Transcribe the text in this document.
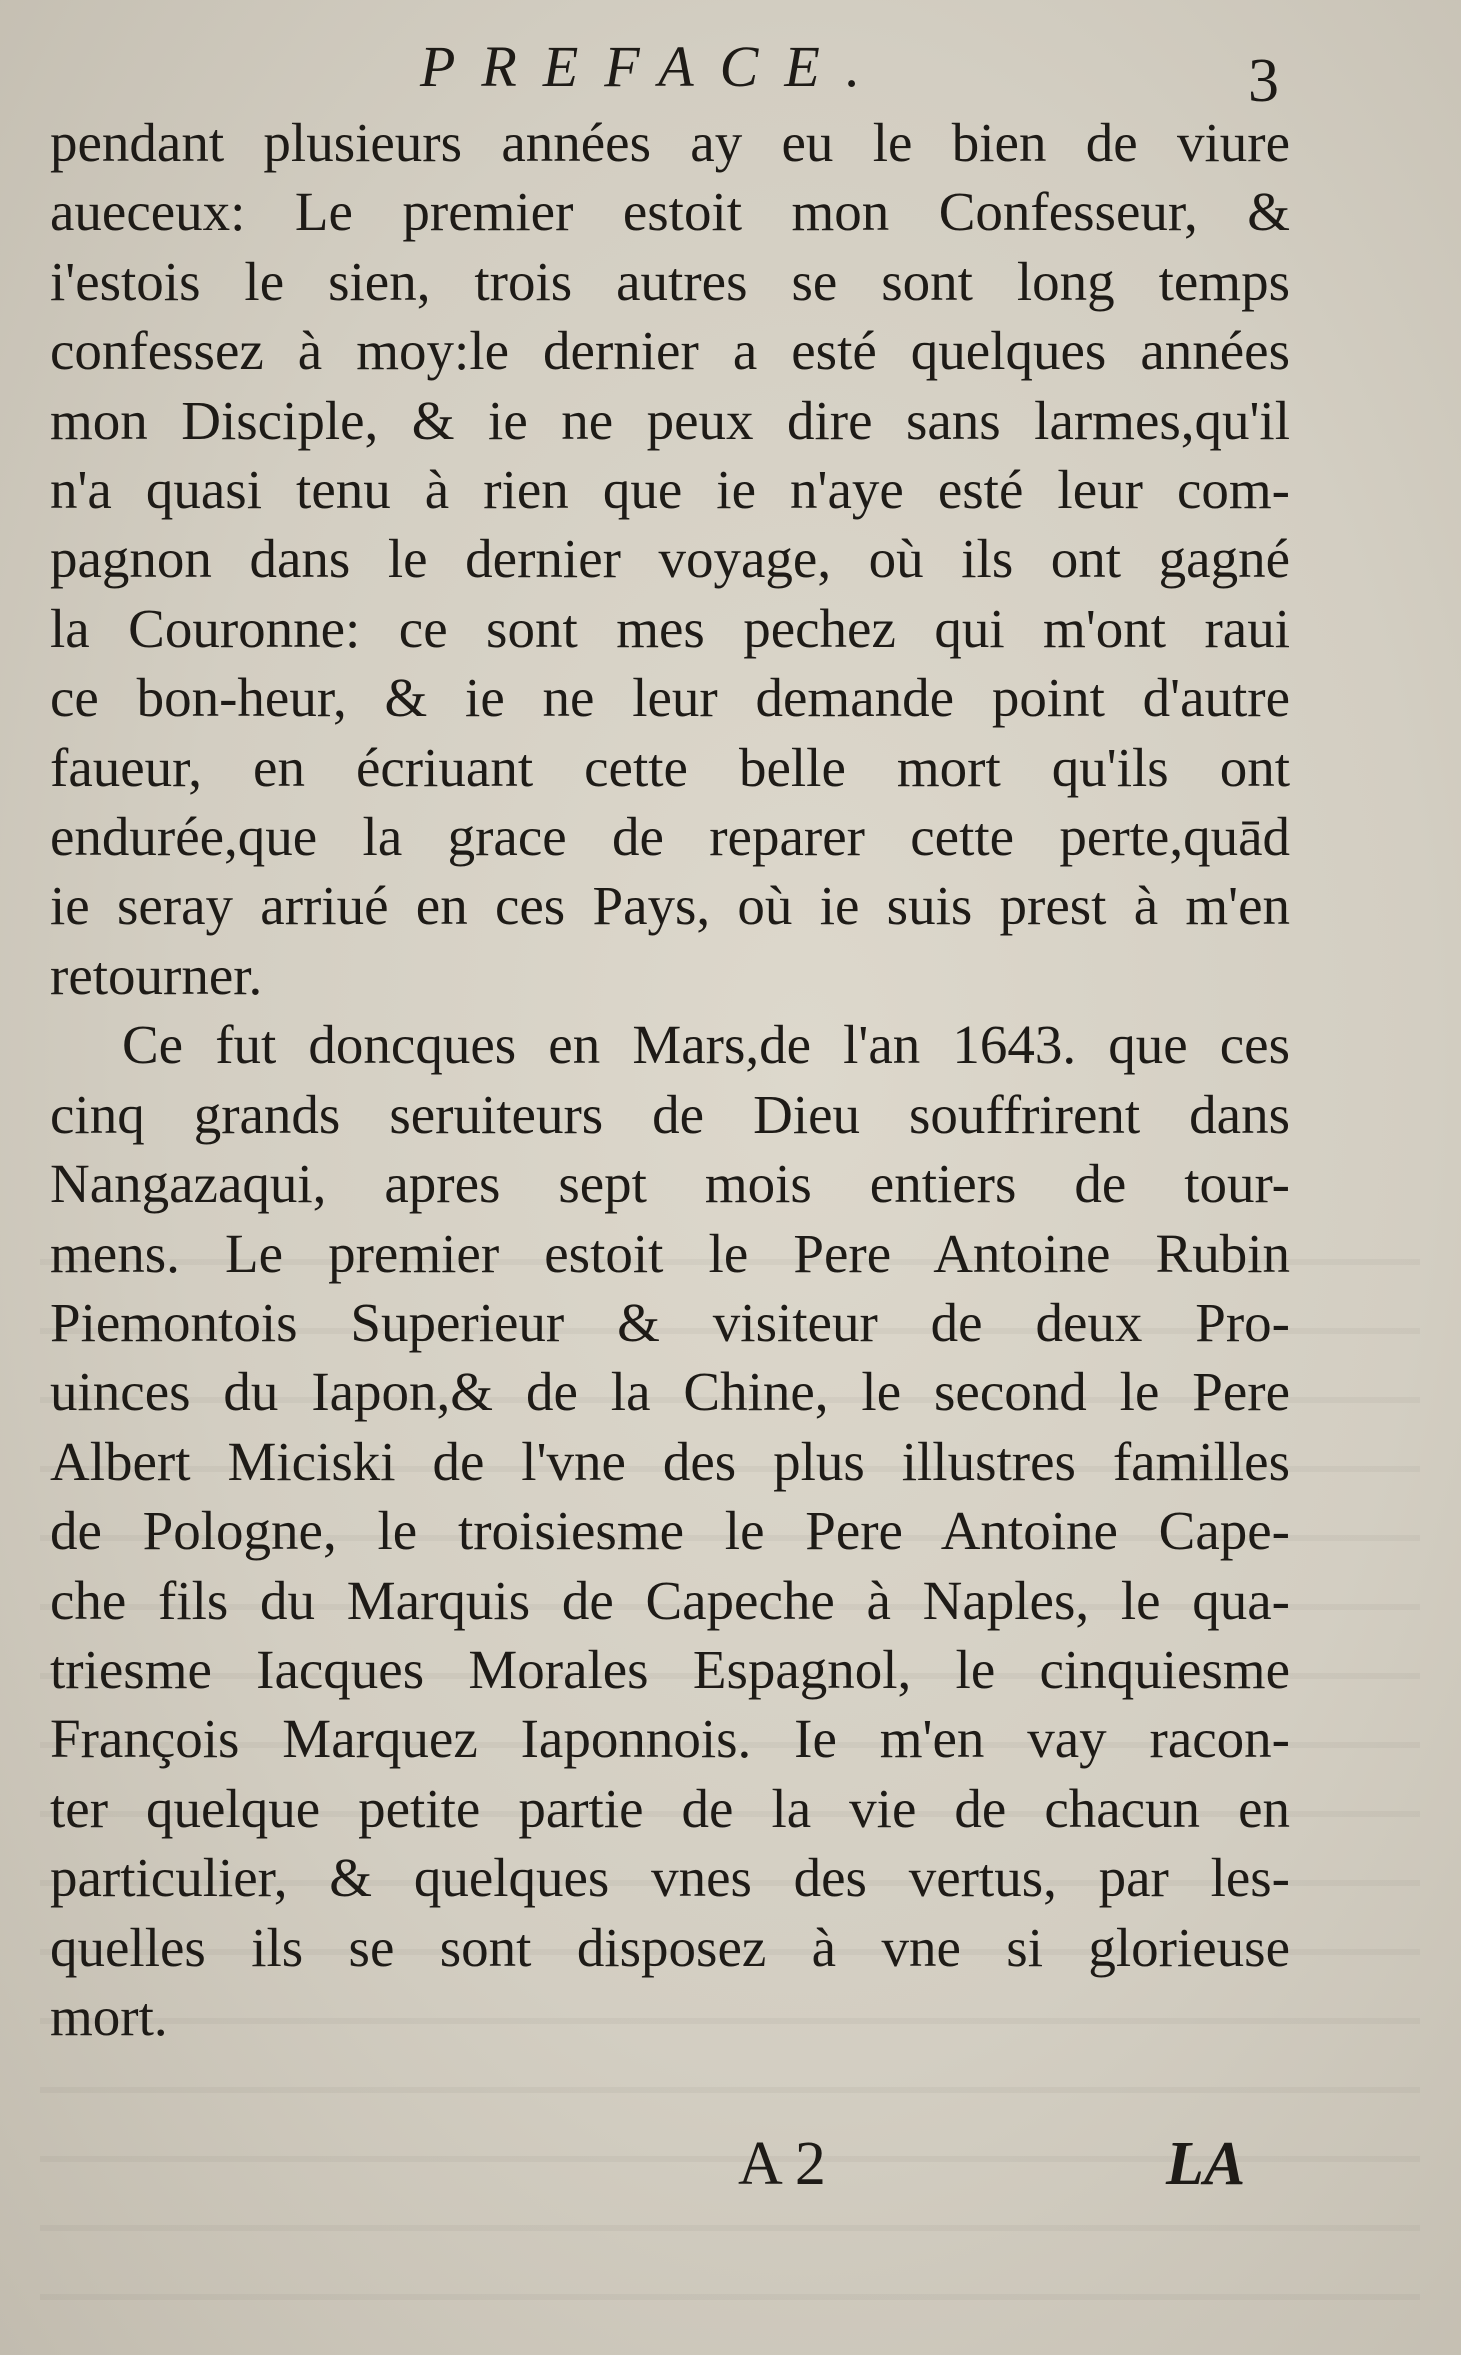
PREFACE.	3
pendant plusieurs années ay eu le bien de viure
aueceux: Le premier estoit mon Confesseur, &
i'estois le sien, trois autres se sont long temps
confessez à moy:le dernier a esté quelques années
mon Disciple, & ie ne peux dire sans larmes,qu'il
n'a quasi tenu à rien que ie n'aye esté leur com-
pagnon dans le dernier voyage, où ils ont gagné
la Couronne: ce sont mes pechez qui m'ont raui
ce bon-heur, & ie ne leur demande point d'autre
faueur, en écriuant cette belle mort qu'ils ont
endurée,que la grace de reparer cette perte,quād
ie seray arriué en ces Pays, où ie suis prest à m'en
retourner.
Ce fut doncques en Mars,de l'an 1643. que ces
cinq grands seruiteurs de Dieu souffrirent dans
Nangazaqui, apres sept mois entiers de tour-
mens. Le premier estoit le Pere Antoine Rubin
Piemontois Superieur & visiteur de deux Pro-
uinces du Iapon,& de la Chine, le second le Pere
Albert Miciski de l'vne des plus illustres familles
de Pologne, le troisiesme le Pere Antoine Cape-
che fils du Marquis de Capeche à Naples, le qua-
triesme Iacques Morales Espagnol, le cinquiesme
François Marquez Iaponnois. Ie m'en vay racon-
ter quelque petite partie de la vie de chacun en
particulier, & quelques vnes des vertus, par les-
quelles ils se sont disposez à vne si glorieuse
mort.
A 2	LA
